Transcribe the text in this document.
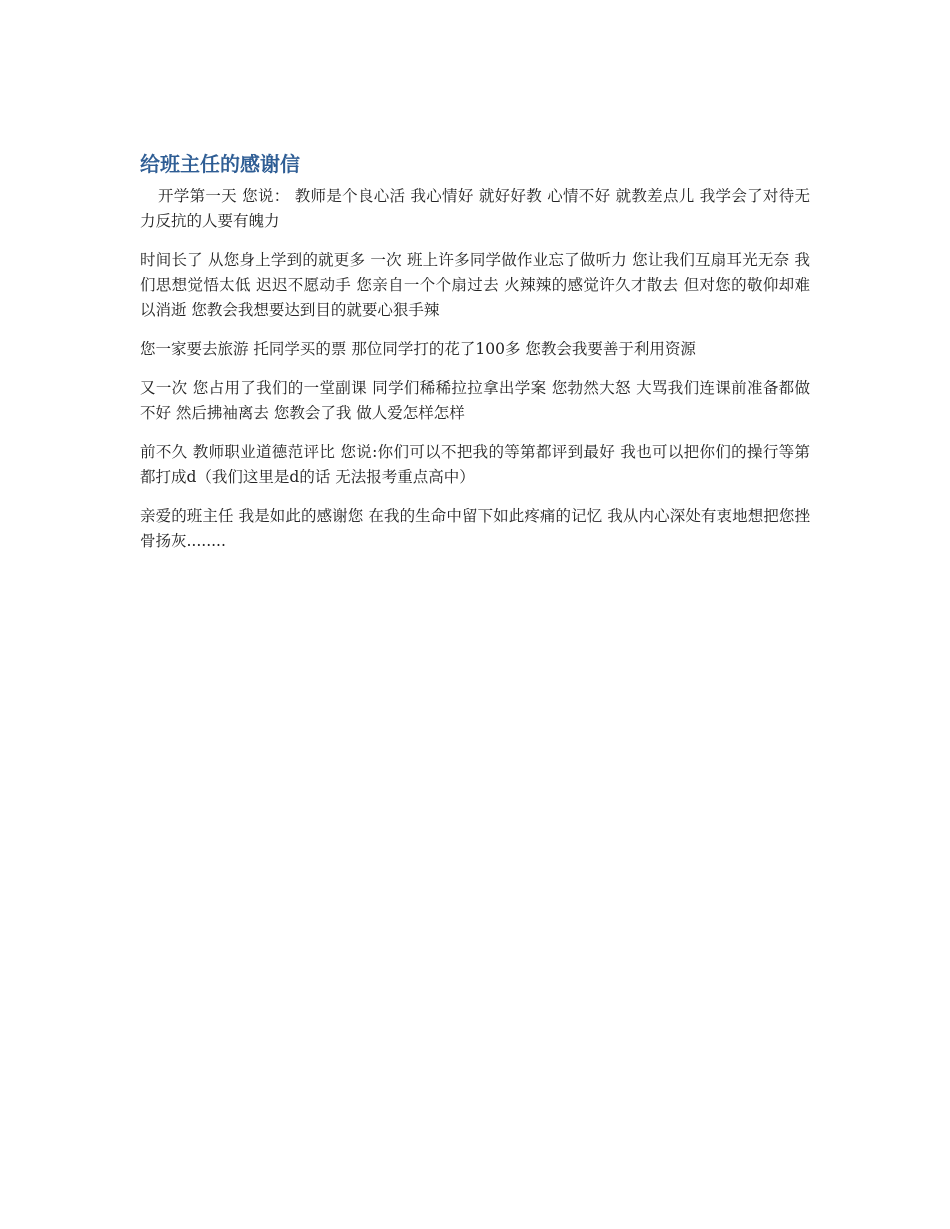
给班主任的感谢信

开学第一天 您说： 教师是个良心活 我心情好 就好好教 心情不好 就教差点儿 我学会了对待无力反抗的人要有魄力

时间长了 从您身上学到的就更多 一次 班上许多同学做作业忘了做听力 您让我们互扇耳光无奈 我们思想觉悟太低 迟迟不愿动手 您亲自一个个扇过去 火辣辣的感觉许久才散去 但对您的敬仰却难以消逝 您教会我想要达到目的就要心狠手辣

您一家要去旅游 托同学买的票 那位同学打的花了100多 您教会我要善于利用资源

又一次 您占用了我们的一堂副课 同学们稀稀拉拉拿出学案 您勃然大怒 大骂我们连课前准备都做不好 然后拂袖离去 您教会了我 做人爱怎样怎样

前不久 教师职业道德范评比 您说:你们可以不把我的等第都评到最好 我也可以把你们的操行等第都打成d（我们这里是d的话 无法报考重点高中）

亲爱的班主任 我是如此的感谢您 在我的生命中留下如此疼痛的记忆 我从内心深处有衷地想把您挫骨扬灰........
